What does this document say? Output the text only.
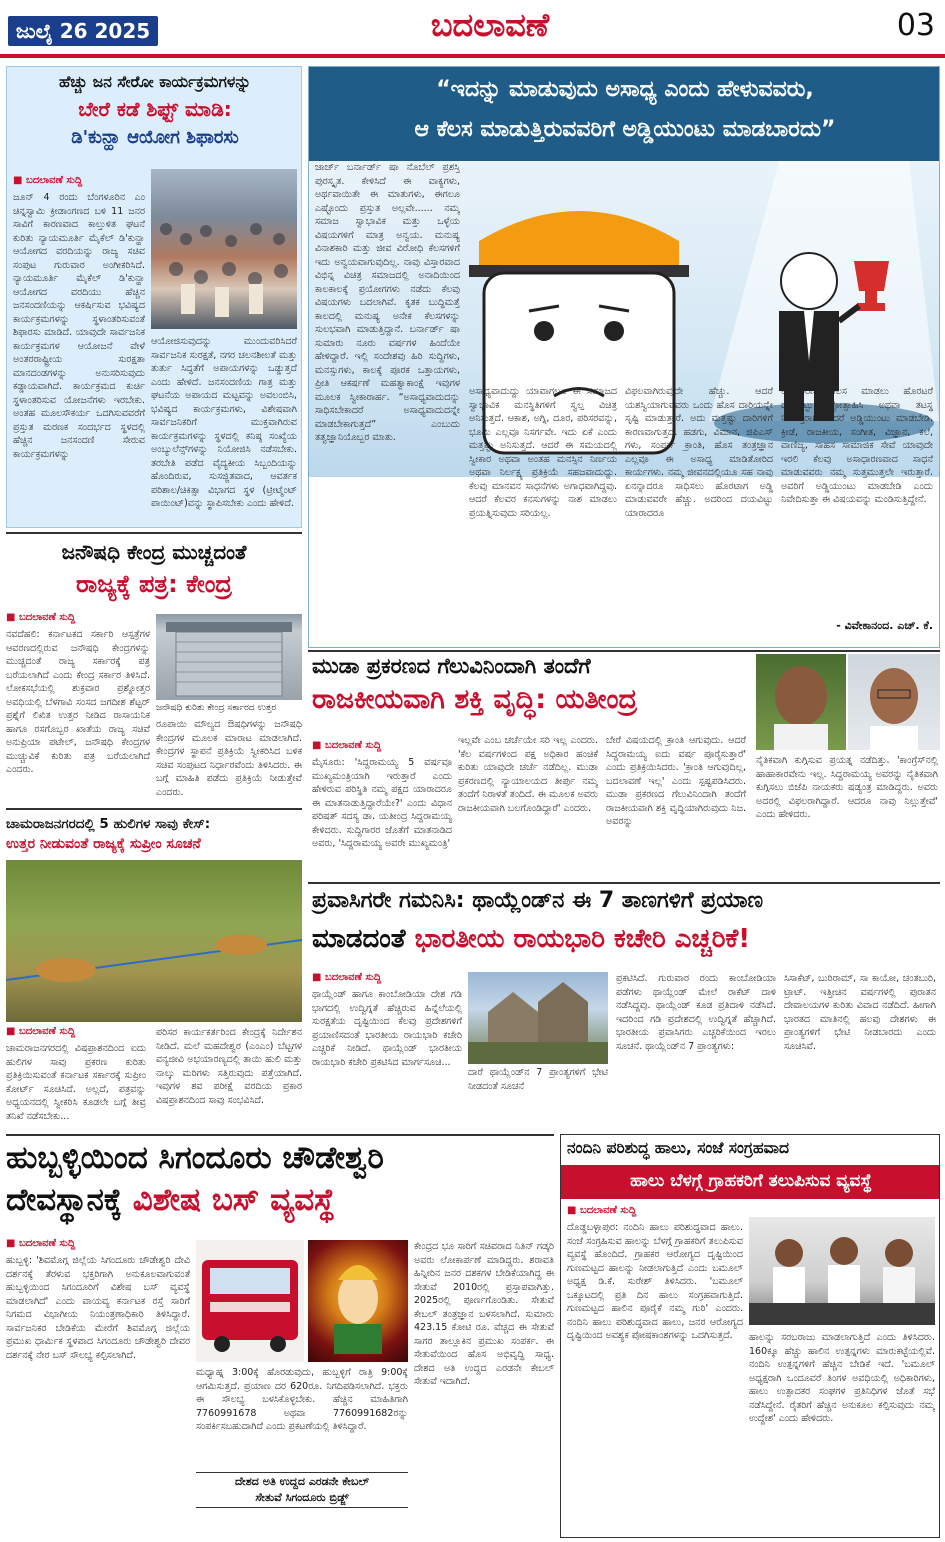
ಜುಲೈ 26 2025	ಬದಲಾವಣೆ	03
ಹೆಚ್ಚು ಜನ ಸೇರೋ ಕಾರ್ಯಕ್ರಮಗಳನ್ನು
ಬೇರೆ ಕಡೆ ಶಿಫ್ಟ್ ಮಾಡಿ:
ಡಿ'ಕುನ್ಹಾ ಆಯೋಗ ಶಿಫಾರಸು
■ ಬದಲಾವಣೆ ಸುದ್ದಿ
ಜೂನ್ 4 ರಂದು ಬೆಂಗಳೂರಿನ ಎಂ ಚಿನ್ನಸ್ವಾಮಿ ಕ್ರೀಡಾಂಗಣದ ಬಳಿ 11 ಜನರ ಸಾವಿಗೆ ಕಾರಣವಾದ ಕಾಲ್ತುಳಿತ ಘಟನೆ ಕುರಿತು ನ್ಯಾಯಮೂರ್ತಿ ಮೈಕೆಲ್ ಡಿ'ಕುನ್ಹಾ ಆಯೋಗದ ವರದಿಯನ್ನು ರಾಜ್ಯ ಸಚಿವ ಸಂಪುಟ ಗುರುವಾರ ಅಂಗೀಕರಿಸಿದೆ. ನ್ಯಾಯಮೂರ್ತಿ ಮೈಕೆಲ್ ಡಿ'ಕುನ್ಹಾ ಆಯೋಗದ ವರದಿಯು ಹೆಚ್ಚಿನ ಜನಸಂದಣಿಯನ್ನು ಆಕರ್ಷಿಸುವ ಭವಿಷ್ಯದ ಕಾರ್ಯಕ್ರಮಗಳನ್ನು ಸ್ಥಳಾಂತರಿಸುವಂತೆ ಶಿಫಾರಸು ಮಾಡಿದೆ. ಯಾವುದೇ ಸಾರ್ವಜನಿಕ ಕಾರ್ಯಕ್ರಮಗಳ ಆಯೋಜನೆ ವೇಳೆ ಅಂತರರಾಷ್ಟ್ರೀಯ ಸುರಕ್ಷತಾ ಮಾನದಂಡಗಳನ್ನು ಅನುಸರಿಸುವುದು ಕಡ್ಡಾಯವಾಗಿದೆ. ಕಾರ್ಯಕ್ರಮದ ಕುರ್ಚಿ ಸ್ಥಳಾಂತರಿಸುವ ಯೋಜನೆಗಳು ಇರಬೇಕು. ಅಂತಹ ಮೂಲಸೌಕರ್ಯ ಒದಗಿಸುವವರೆಗೆ ಪ್ರಸ್ತುತ ಮರಣಕ ಸಂದರ್ಭದ ಸ್ಥಳದಲ್ಲಿ ಹೆಚ್ಚಿನ ಜನಸಂದಣಿ ಸೇರುವ ಕಾರ್ಯಕ್ರಮಗಳನ್ನು
ಆಯೋಜಿಸುವುದನ್ನು ಮುಂದುವರಿಸಿದರೆ ಸಾರ್ವಜನಿಕ ಸುರಕ್ಷತೆ, ನಗರ ಚಲನಶೀಲತೆ ಮತ್ತು ತುರ್ತು ಸಿದ್ಧತೆಗೆ ಅಪಾಯಗಳನ್ನು ಒಡ್ಡುತ್ತದೆ ಎಂದು ಹೇಳಿದೆ. ಜನಸಂದಣಿಯ ಗಾತ್ರ ಮತ್ತು ಘಟನೆಯ ಅಪಾಯದ ಮಟ್ಟವನ್ನು ಅವಲಂಬಿಸಿ, ಭವಿಷ್ಯದ ಕಾರ್ಯಕ್ರಮಗಳು, ವಿಶೇಷವಾಗಿ ಸಾರ್ವಜನಿಕರಿಗೆ ಮುಕ್ತವಾಗಿರುವ ಕಾರ್ಯಕ್ರಮಗಳನ್ನು ಸ್ಥಳದಲ್ಲಿ ಕನಿಷ್ಠ ಸಂಖ್ಯೆಯ ಅಂಬ್ಯುಲೆನ್ಸ್‌ಗಳನ್ನು ನಿಯೋಜಿಸಿ ನಡೆಸಬೇಕು. ತರಬೇತಿ ಪಡೆದ ವೈದ್ಯಕೀಯ ಸಿಬ್ಬಂದಿಯನ್ನು ಹೊಂದಿರುವ, ಸುಸಜ್ಜಿತವಾದ, ಆವರ್ತಕ ಪರಿಶಾಲ/ಚಿಕಿತ್ಸಾ ವಿಭಾಗದ ಸ್ಥಳ (ಟ್ರೀಟ್ಮೆಂಟ್ ಪಾಯಿಂಟ್)ವನ್ನು ಸ್ಥಾಪಿಸಬೇಕು ಎಂದು ಹೇಳಿದೆ.
“ಇದನ್ನು ಮಾಡುವುದು ಅಸಾಧ್ಯ ಎಂದು ಹೇಳುವವರು,
ಆ ಕೆಲಸ ಮಾಡುತ್ತಿರುವವರಿಗೆ ಅಡ್ಡಿಯುಂಟು ಮಾಡಬಾರದು”
ಜಾರ್ಜ್ ಬರ್ನಾರ್ಡ್ ಷಾ ನೊಬೆಲ್ ಪ್ರಶಸ್ತಿ ಪುರಸ್ಕೃತ. ಕೇಳಿಸಿದೆ ಈ ವಾಕ್ಯಗಳು, ಅರ್ಥವಾಯಿತೇ ಈ ಮಾತುಗಳು, ಈಗಲೂ ಎಷ್ಟೊಂದು ಪ್ರಸ್ತುತ ಅಲ್ಲವೇ...... ನಮ್ಮ ಸಮಾಜ ಸ್ವಾಭಾವಿಕ ಮತ್ತು ಒಳ್ಳೆಯ ವಿಷಯಗಳಿಗೆ ಮಾತ್ರ ಅನ್ವಯ. ಮನುಷ್ಯ ವಿನಾಶಕಾರಿ ಮತ್ತು ಜೀವ ವಿರೋಧಿ ಕೆಲಸಗಳಿಗೆ ಇದು ಅನ್ವಯವಾಗುವುದಿಲ್ಲ. ನಾವು ವಿಸ್ತಾರವಾದ ವಿಭಿನ್ನ ವಿಚಿತ್ರ ಸಮಾಜದಲ್ಲಿ ಅನಾದಿಯಿಂದ ಕಾಲಕಾಲಕ್ಕೆ ಪ್ರಯೋಗಗಳು ನಡೆದು ಕೆಲವು ವಿಷಯಗಳು ಬದಲಾಗಿವೆ. ಕೃತಕ ಬುದ್ಧಿಮತ್ತೆ ಕಾಲದಲ್ಲಿ ಮನುಷ್ಯ ಅನೇಕ ಕೆಲಸಗಳನ್ನು ಸುಲಭವಾಗಿ ಮಾಡುತ್ತಿದ್ದಾನೆ. ಬರ್ನಾರ್ಡ್ ಷಾ ಸುಮಾರು ನೂರು ವರ್ಷಗಳ ಹಿಂದೆಯೇ ಹೇಳಿದ್ದಾರೆ. ಇಲ್ಲಿ ಸಂದೇಶವು ಹಿರಿ ಸುದ್ದಿಗಳು, ಮನಸ್ಸುಗಳು, ಕಾಲಕ್ಕೆ ಪೂರಕ ಒತ್ತಾಯಗಳು, ಪ್ರೀತಿ ಆಕರ್ಷಣೆ ಮಹತ್ವಾಕಾಂಕ್ಷೆ ಇವುಗಳ ಮೂಲಕ ಸ್ವೀಕಾರಾರ್ಹ. “ಅಸಾಧ್ಯವಾದುದನ್ನು ಸಾಧಿಸಬೇಕಾದರೆ ಅಸಾಧ್ಯವಾದುದನ್ನೇ ಮಾಡಬೇಕಾಗುತ್ತದೆ” ಎಂಬುದು ತತ್ವಜ್ಞಾನಿಯೊಬ್ಬರ ಮಾತು.
ಅಸಾಧ್ಯವಾದುದ್ದು ಯಾವಾಗಲೂ ಈ ಸಮಾಜದ ಸ್ವಾಭಾವಿಕ ಮನಸ್ಥಿತಿಗಳಿಗೆ ಸ್ವಲ್ಪ ವಿಚಿತ್ರ ಅನಿಸುತ್ತದೆ. ಆಕಾಶ, ಅಗ್ನಿ, ದೂರ, ಪರಿಸರವನ್ನು, ಭೂಮಿ ಎಲ್ಲವೂ ನಿಸರ್ಗವೇ. ಇದು ಏಕೆ ಎಂದು ಮತ್ತಷ್ಟು ಅನಿಸುತ್ತದೆ. ಆದರೆ ಈ ಸಮಯದಲ್ಲಿ ಸ್ವೀಕಾರ ಅಥವಾ ಅಂತಹ ಮನಸ್ಸಿನ ನಿರ್ಣಯ ಅಥವಾ ನಿರ್ಲಕ್ಷ್ಯ ಪ್ರತಿಕ್ರಿಯೆ ಸಹಜವಾದುದ್ದು. ಕೆಲವು ಮಾನವನ ಸಾಧನೆಗಳು ಅಗಾಧವಾಗಿದ್ದವು. ಆದರೆ ಕೆಲವರ ಕನಸುಗಳನ್ನು ನಾಶ ಮಾಡಲು ಪ್ರಯತ್ನಿಸುವುದು ಸರಿಯಲ್ಲ.
ವಿಫಲವಾಗಿರುವುದೇ ಹೆಚ್ಚು. ಆದರೆ ಯಶಸ್ವಿಯಾಗುವವರು ಒಂದು ಹೊಸ ದಾರಿಯನ್ನೇ ಸೃಷ್ಟಿ ಮಾಡುತ್ತಾರೆ. ಅದು ಮತ್ತಷ್ಟು ದಾರಿಗಳಿಗೆ ಕಾರಣವಾಗುತ್ತದೆ. ಹಡಗು, ವಿಮಾನ, ಜಿಪಿಎಸ್ ಗಳು, ಸಂಪರ್ಕ ಕ್ರಾಂತಿ, ಹೊಸ ತಂತ್ರಜ್ಞಾನ ಎಲ್ಲವೂ ಈ ಅಸಾಧ್ಯ ಮಾಡಿತೋರಿದ ಕಾರ್ಯಗಳು. ನಮ್ಮ ಜೀವನದಲ್ಲಿಯೂ ಸಹ ನಾವು ಏನನ್ನಾದರೂ ಸಾಧಿಸಲು ಹೊರಟಾಗ ಅಡ್ಡಿ ಮಾಡುವವರೇ ಹೆಚ್ಚು. ಅದರಿಂದ ದಯವಿಟ್ಟು ಯಾರಾದರೂ
ಅಸಾಧಾರಣ ಕೆಲಸ ಮಾಡಲು ಹೊರಟರೆ ದಯವಿಟ್ಟು ಪ್ರೋತ್ಸಾಹಿಸಿ ಅಥವಾ ತಟಸ್ಥ ನಿರ್ಲಿಪ್ತರಾಗಿ. ಆದರೆ ಅಡ್ಡಿಯುಂಟು ಮಾಡಬೇಡಿ. ಕ್ರೀಡೆ, ರಾಜಕೀಯ, ಸಂಗೀತ, ವಿಜ್ಞಾನ, ಕಲೆ, ವಾಣಿಜ್ಯ, ಸಾಹಸ ಸಾಮಾಜಿಕ ಸೇವೆ ಯಾವುದೇ ಇರಲಿ ಕೆಲವು ಅಸಾಧಾರಣವಾದ ಸಾಧನೆ ಮಾಡುವವರು ನಮ್ಮ ಸುತ್ತಮುತ್ತಲೇ ಇರುತ್ತಾರೆ. ಅವರಿಗೆ ಅಡ್ಡಿಯುಂಟು ಮಾಡಬೇಡಿ ಎಂದು ನಿವೇದಿಸುತ್ತಾ ಈ ವಿಷಯವನ್ನು ಮಂಡಿಸುತ್ತಿದ್ದೇನೆ.
- ವಿವೇಕಾನಂದ. ಎಚ್. ಕೆ.
ಜನೌಷಧಿ ಕೇಂದ್ರ ಮುಚ್ಚದಂತೆ
ರಾಜ್ಯಕ್ಕೆ ಪತ್ರ: ಕೇಂದ್ರ
■ ಬದಲಾವಣೆ ಸುದ್ದಿ
ನವದೆಹಲಿ: ಕರ್ನಾಟಕದ ಸರ್ಕಾರಿ ಆಸ್ಪತ್ರೆಗಳ ಆವರಣದಲ್ಲಿರುವ ಜನೌಷಧಿ ಕೇಂದ್ರಗಳನ್ನು ಮುಚ್ಚದಂತೆ ರಾಜ್ಯ ಸರ್ಕಾರಕ್ಕೆ ಪತ್ರ ಬರೆಯಲಾಗಿದೆ ಎಂದು ಕೇಂದ್ರ ಸರ್ಕಾರ ತಿಳಿಸಿದೆ. ಲೋಕಸಭೆಯಲ್ಲಿ ಶುಕ್ರವಾರ ಪ್ರಶ್ನೋತ್ತರ ಅವಧಿಯಲ್ಲಿ ಬೆಳಗಾವಿ ಸಂಸದ ಜಗದೀಶ ಶೆಟ್ಟರ್ ಪ್ರಶ್ನೆಗೆ ಲಿಖಿತ ಉತ್ತರ ನೀಡಿದ ರಾಸಾಯನಿಕ ಹಾಗೂ ರಸಗೊಬ್ಬರ ಖಾತೆಯ ರಾಜ್ಯ ಸಚಿವೆ ಅನುಪ್ರಿಯಾ ಪಟೇಲ್, ಜನೌಷಧಿ ಕೇಂದ್ರಗಳ ಮುಚ್ಚುವಿಕೆ ಕುರಿತು ಪತ್ರ ಬರೆಯಲಾಗಿದೆ ಎಂದರು.
ಜನೌಷಧಿ ಕುರಿತು ಕೇಂದ್ರ ಸರ್ಕಾರದ ಉತ್ತರ
ರೂಪಾಯಿ ಮೌಲ್ಯದ ಔಷಧಿಗಳನ್ನು ಜನೌಷಧಿ ಕೇಂದ್ರಗಳ ಮೂಲಕ ಮಾರಾಟ ಮಾಡಲಾಗಿದೆ. ಕೇಂದ್ರಗಳ ಸ್ಥಾಪನೆ ಪ್ರತಿಕ್ರಿಯೆ ಸ್ವೀಕರಿಸಿದ ಬಳಿಕ ಸಚಿವ ಸಂಪುಟದ ನಿರ್ಧಾರವೆಂದು ತಿಳಿಸಿದರು. ಈ ಬಗ್ಗೆ ಮಾಹಿತಿ ಪಡೆದು ಪ್ರತಿಕ್ರಿಯೆ ನೀಡುತ್ತೇವೆ ಎಂದರು.
ಮುಡಾ ಪ್ರಕರಣದ ಗೆಲುವಿನಿಂದಾಗಿ ತಂದೆಗೆ
ರಾಜಕೀಯವಾಗಿ ಶಕ್ತಿ ವೃದ್ಧಿ: ಯತೀಂದ್ರ
■ ಬದಲಾವಣೆ ಸುದ್ದಿ
ಮೈಸೂರು: 'ಸಿದ್ದರಾಮಯ್ಯ 5 ವರ್ಷವೂ ಮುಖ್ಯಮಂತ್ರಿಯಾಗಿ ಇರುತ್ತಾರೆ ಎಂದು ಹೇಳಿರುವ ಪರಿಸ್ಥಿತಿ ನಮ್ಮ ಪಕ್ಷದ ಯಾರಾದರೂ ಈ ಮಾತನಾಡುತ್ತಿದ್ದಾರೆಯೇ?' ಎಂದು ವಿಧಾನ ಪರಿಷತ್ ಸದಸ್ಯ ಡಾ. ಯತೀಂದ್ರ ಸಿದ್ದರಾಮಯ್ಯ ಕೇಳಿದರು. ಸುದ್ದಿಗಾರರ ಜೊತೆಗೆ ಮಾತನಾಡಿದ ಅವರು, 'ಸಿದ್ದರಾಮಯ್ಯ ಅವರೇ ಮುಖ್ಯಮಂತ್ರಿ'
ಇಲ್ಲವೇ ಎಂಬ ಚರ್ಚೆಯೇ ಸರಿ ಇಲ್ಲ ಎಂದರು. 'ಕೆಲ ವರ್ಷಗಳಿಂದ ಪಕ್ಷ ಅಧಿಕಾರ ಹಂಚಿಕೆ ಕುರಿತು ಯಾವುದೇ ಚರ್ಚೆ ನಡೆದಿಲ್ಲ. ಮುಡಾ ಪ್ರಕರಣದಲ್ಲಿ ನ್ಯಾಯಾಲಯದ ತೀರ್ಪು ನಮ್ಮ ತಂದೆಗೆ ನಿರಾಳತೆ ತಂದಿದೆ. ಈ ಮೂಲಕ ಅವರು ರಾಜಕೀಯವಾಗಿ ಬಲಗೊಂಡಿದ್ದಾರೆ' ಎಂದರು.
ಬೇರೆ ವಿಷಯದಲ್ಲಿ ಕ್ರಾಂತಿ ಆಗುವುದು. ಆದರೆ ಸಿದ್ದರಾಮಯ್ಯ ಐದು ವರ್ಷ ಪೂರೈಸುತ್ತಾರೆ' ಎಂದು ಪ್ರತಿಕ್ರಿಯಿಸಿದರು. 'ಕ್ರಾಂತಿ ಆಗುವುದಿಲ್ಲ, ಬದಲಾವಣೆ ಇಲ್ಲ' ಎಂದು ಸ್ಪಷ್ಟಪಡಿಸಿದರು. ಮುಡಾ ಪ್ರಕರಣದ ಗೆಲುವಿನಿಂದಾಗಿ ತಂದೆಗೆ ರಾಜಕೀಯವಾಗಿ ಶಕ್ತಿ ವೃದ್ಧಿಯಾಗಿರುವುದು ನಿಜ. ಅವರನ್ನು
ನೈತಿಕವಾಗಿ ಕುಗ್ಗಿಸುವ ಪ್ರಯತ್ನ ನಡೆದಿತ್ತು. 'ಕಾಂಗ್ರೆಸ್‌ನಲ್ಲಿ ಹಾಹಾಕಾರವೇನು ಇಲ್ಲ. ಸಿದ್ದರಾಮಯ್ಯ ಅವರನ್ನು ನೈತಿಕವಾಗಿ ಕುಗ್ಗಿಸಲು ಬಿಜೆಪಿ ನಾಯಕರು ಷಡ್ಯಂತ್ರ ಮಾಡಿದ್ದರು. ಅವರು ಅದರಲ್ಲಿ ವಿಫಲರಾಗಿದ್ದಾರೆ. ಆದರೂ ನಾವು ನಿಲ್ಲುತ್ತೇವೆ' ಎಂದು ಹೇಳಿದರು.
ಚಾಮರಾಜನಗರದಲ್ಲಿ 5 ಹುಲಿಗಳ ಸಾವು ಕೇಸ್:
ಉತ್ತರ ನೀಡುವಂತೆ ರಾಜ್ಯಕ್ಕೆ ಸುಪ್ರೀಂ ಸೂಚನೆ
■ ಬದಲಾವಣೆ ಸುದ್ದಿ
ಚಾಮರಾಜನಗರದಲ್ಲಿ ವಿಷಪ್ರಾಶನದಿಂದ ಐದು ಹುಲಿಗಳ ಸಾವು ಪ್ರಕರಣ ಕುರಿತು ಪ್ರತಿಕ್ರಿಯಿಸುವಂತೆ ಕರ್ನಾಟಕ ಸರ್ಕಾರಕ್ಕೆ ಸುಪ್ರೀಂ ಕೋರ್ಟ್ ಸೂಚಿಸಿದೆ. ಅಲ್ಲದೆ, ಪತ್ರವನ್ನು ಅಧ್ಯಯನದಲ್ಲಿ ಸ್ವೀಕರಿಸಿ ಕೂಡಲೇ ಬಗ್ಗೆ ತೀವ್ರ ತನಿಖೆ ನಡೆಸಬೇಕು...
ಪರಿಸರ ಕಾರ್ಯಕರ್ತರಿಂದ ಕೇಂದ್ರಕ್ಕೆ ನಿರ್ದೇಶನ ನೀಡಿದೆ. ಮಲೆ ಮಹದೇಶ್ವರ (ಎಂಎಂ) ಬೆಟ್ಟಗಳ ವನ್ಯಜೀವಿ ಅಭಯಾರಣ್ಯದಲ್ಲಿ ತಾಯಿ ಹುಲಿ ಮತ್ತು ನಾಲ್ಕು ಮರಿಗಳು ಸತ್ತಿರುವುದು ಪತ್ತೆಯಾಗಿದೆ. ಇವುಗಳ ಶವ ಪರೀಕ್ಷೆ ವರದಿಯ ಪ್ರಕಾರ ವಿಷಪ್ರಾಶನದಿಂದ ಸಾವು ಸಂಭವಿಸಿದೆ.
ಪ್ರವಾಸಿಗರೇ ಗಮನಿಸಿ: ಥಾಯ್ಲೆಂಡ್‌ನ ಈ 7 ತಾಣಗಳಿಗೆ ಪ್ರಯಾಣ
ಮಾಡದಂತೆ ಭಾರತೀಯ ರಾಯಭಾರಿ ಕಚೇರಿ ಎಚ್ಚರಿಕೆ!
■ ಬದಲಾವಣೆ ಸುದ್ದಿ
ದಾರೆ ಥಾಯ್ಲೆಂಡ್‌ನ 7 ಪ್ರಾಂತ್ಯಗಳಿಗೆ ಭೇಟಿ ನೀಡದಂತೆ ಸೂಚನೆ
ಥಾಯ್ಲೆಂಡ್ ಹಾಗೂ ಕಾಂಬೋಡಿಯಾ ದೇಶ ಗಡಿ ಭಾಗದಲ್ಲಿ ಉದ್ವಿಗ್ನತೆ ಹೆಚ್ಚಿರುವ ಹಿನ್ನೆಲೆಯಲ್ಲಿ ಸುರಕ್ಷತೆಯ ದೃಷ್ಟಿಯಿಂದ ಕೆಲವು ಪ್ರದೇಶಗಳಿಗೆ ಪ್ರಯಾಣಿಸದಂತೆ ಭಾರತೀಯ ರಾಯಭಾರಿ ಕಚೇರಿ ಎಚ್ಚರಿಕೆ ನೀಡಿದೆ. ಥಾಯ್ಲೆಂಡ್ ಭಾರತೀಯ ರಾಯಭಾರಿ ಕಚೇರಿ ಪ್ರಕಟಿಸಿದ ಮಾರ್ಗಸೂಚಿ...
ಪ್ರಕಟಿಸಿದೆ. ಗುರುವಾರ ರಂದು ಕಾಂಬೋಡಿಯಾ ಪಡೆಗಳು ಥಾಯ್ಲೆಂಡ್ ಮೇಲೆ ರಾಕೆಟ್ ದಾಳಿ ನಡೆಸಿದ್ದವು. ಥಾಯ್ಲೆಂಡ್ ಕೂಡ ಪ್ರತಿದಾಳಿ ನಡೆಸಿದೆ. ಇದರಿಂದ ಗಡಿ ಪ್ರದೇಶದಲ್ಲಿ ಉದ್ವಿಗ್ನತೆ ಹೆಚ್ಚಾಗಿದೆ. ಭಾರತೀಯ ಪ್ರವಾಸಿಗರು ಎಚ್ಚರಿಕೆಯಿಂದ ಇರಲು ಸೂಚನೆ. ಥಾಯ್ಲೆಂಡ್‌ನ 7 ಪ್ರಾಂತ್ಯಗಳು:
ಸಿಸಾಕೆಟ್, ಬುರಿರಾಮ್, ಸಾ ಕಾಯೋ, ಚಂತಬುರಿ, ಟ್ರಾಟ್. ಇತ್ತೀಚಿನ ವರ್ಷಗಳಲ್ಲಿ ಪುರಾತನ ದೇವಾಲಯಗಳ ಕುರಿತು ವಿವಾದ ನಡೆದಿದೆ. ಹೀಗಾಗಿ ಭಾರತದ ಮಾತಿನಲ್ಲಿ ಹಲವು ದೇಶಗಳು ಈ ಪ್ರಾಂತ್ಯಗಳಿಗೆ ಭೇಟಿ ನೀಡಬಾರದು ಎಂದು ಸೂಚಿಸಿವೆ.
ಹುಬ್ಬಳ್ಳಿಯಿಂದ ಸಿಗಂದೂರು ಚೌಡೇಶ್ವರಿ
ದೇವಸ್ಥಾನಕ್ಕೆ ವಿಶೇಷ ಬಸ್ ವ್ಯವಸ್ಥೆ
■ ಬದಲಾವಣೆ ಸುದ್ದಿ
ಹುಬ್ಬಳ್ಳಿ: 'ಶಿವಮೊಗ್ಗ ಜಿಲ್ಲೆಯ ಸಿಗಂದೂರು ಚೌಡೇಶ್ವರಿ ದೇವಿ ದರ್ಶನಕ್ಕೆ ತೆರಳುವ ಭಕ್ತರಿಗಾಗಿ ಅನುಕೂಲವಾಗುವಂತೆ ಹುಬ್ಬಳ್ಳಿಯಿಂದ ಸಿಗಂದೂರಿಗೆ ವಿಶೇಷ ಬಸ್ ವ್ಯವಸ್ಥೆ ಮಾಡಲಾಗಿದೆ' ಎಂದು ವಾಯವ್ಯ ಕರ್ನಾಟಕ ರಸ್ತೆ ಸಾರಿಗೆ ನಿಗಮದ ವಿಭಾಗೀಯ ನಿಯಂತ್ರಣಾಧಿಕಾರಿ ತಿಳಿಸಿದ್ದಾರೆ. ಸಾರ್ವಜನಿಕರ ಬೇಡಿಕೆಯ ಮೇರೆಗೆ ಶಿವಮೊಗ್ಗ ಜಿಲ್ಲೆಯ ಪ್ರಮುಖ ಧಾರ್ಮಿಕ ಸ್ಥಳವಾದ ಸಿಗಂದೂರು ಚೌಡೇಶ್ವರಿ ದೇವರ ದರ್ಶನಕ್ಕೆ ನೇರ ಬಸ್ ಸೌಲಭ್ಯ ಕಲ್ಪಿಸಲಾಗಿದೆ.
ಮಧ್ಯಾಹ್ನ 3:00ಕ್ಕೆ ಹೊರಡುವುದು, ಹುಬ್ಬಳ್ಳಿಗೆ ರಾತ್ರಿ 9:00ಕ್ಕೆ ಆಗಮಿಸುತ್ತದೆ. ಪ್ರಯಾಣ ದರ 620ರೂ. ನಿಗದಿಪಡಿಸಲಾಗಿದೆ. ಭಕ್ತರು ಈ ಸೌಲಭ್ಯ ಬಳಸಿಕೊಳ್ಳಬೇಕು. ಹೆಚ್ಚಿನ ಮಾಹಿತಿಗಾಗಿ 7760991678 ಅಥವಾ 7760991682ರನ್ನು ಸಂಪರ್ಕಿಸಬಹುದಾಗಿದೆ ಎಂದು ಪ್ರಕಟಣೆಯಲ್ಲಿ ತಿಳಿಸಿದ್ದಾರೆ.
ದೇಶದ ಅತಿ ಉದ್ದದ ಎರಡನೇ ಕೇಬಲ್
ಸೇತುವೆ ಸಿಗಂದೂರು ಬ್ರಿಡ್ಜ್
ಕೇಂದ್ರದ ಭೂ ಸಾರಿಗೆ ಸಚಿವರಾದ ನಿತಿನ್ ಗಡ್ಕರಿ ಅವರು ಲೋಕಾರ್ಪಣೆ ಮಾಡಿದ್ದರು. ಶರಾವತಿ ಹಿನ್ನೀರಿನ ಜನರ ದಶಕಗಳ ಬೇಡಿಕೆಯಾಗಿದ್ದ ಈ ಸೇತುವೆ 2010ರಲ್ಲಿ ಪ್ರಸ್ತಾಪವಾಗಿತ್ತು. 2025ರಲ್ಲಿ ಪೂರ್ಣಗೊಂಡಿತು. ಸೇತುವೆ ಕೇಬಲ್ ತಂತ್ರಜ್ಞಾನ ಬಳಸಲಾಗಿದೆ. ಸುಮಾರು 423.15 ಕೋಟಿ ರೂ. ವೆಚ್ಚದ ಈ ಸೇತುವೆ ಸಾಗರ ತಾಲ್ಲೂಕಿನ ಪ್ರಮುಖ ಸಂಪರ್ಕ. ಈ ಸೇತುವೆಯಿಂದ ಹೊಸ ಅಭಿವೃದ್ಧಿ ಸಾಧ್ಯ. ದೇಶದ ಅತಿ ಉದ್ದದ ಎರಡನೇ ಕೇಬಲ್ ಸೇತುವೆ ಇದಾಗಿದೆ.
ನಂದಿನಿ ಪರಿಶುದ್ಧ ಹಾಲು, ಸಂಜೆ ಸಂಗ್ರಹವಾದ
ಹಾಲು ಬೆಳಗ್ಗೆ ಗ್ರಾಹಕರಿಗೆ ತಲುಪಿಸುವ ವ್ಯವಸ್ಥೆ
■ ಬದಲಾವಣೆ ಸುದ್ದಿ
ದೊಡ್ಡಬಳ್ಳಾಪುರ: ನಂದಿನಿ ಹಾಲು ಪರಿಶುದ್ಧವಾದ ಹಾಲು. ಸಂಜೆ ಸಂಗ್ರಹಿಸುವ ಹಾಲನ್ನು ಬೆಳಗ್ಗೆ ಗ್ರಾಹಕರಿಗೆ ತಲುಪಿಸುವ ವ್ಯವಸ್ಥೆ ಹೊಂದಿದೆ. ಗ್ರಾಹಕರ ಆರೋಗ್ಯದ ದೃಷ್ಟಿಯಿಂದ ಗುಣಮಟ್ಟದ ಹಾಲನ್ನು ನೀಡಲಾಗುತ್ತಿದೆ ಎಂದು ಬಮೂಲ್ ಅಧ್ಯಕ್ಷ ಡಿ.ಕೆ. ಸುರೇಶ್ ತಿಳಿಸಿದರು. 'ಬಮೂಲ್ ಒಕ್ಕೂಟದಲ್ಲಿ ಪ್ರತಿ ದಿನ ಹಾಲು ಸಂಗ್ರಹವಾಗುತ್ತಿದೆ. ಗುಣಮಟ್ಟದ ಹಾಲಿನ ಪೂರೈಕೆ ನಮ್ಮ ಗುರಿ' ಎಂದರು. ನಂದಿನಿ ಹಾಲು ಪರಿಶುದ್ಧವಾದ ಹಾಲು, ಜನರ ಆರೋಗ್ಯದ ದೃಷ್ಟಿಯಿಂದ ಅವಶ್ಯಕ ಪೋಷಕಾಂಶಗಳನ್ನು ಒದಗಿಸುತ್ತದೆ.	ಹಾಲನ್ನು ಸರಬರಾಜು ಮಾಡಲಾಗುತ್ತಿದೆ ಎಂದು ತಿಳಿಸಿದರು. 160ಕ್ಕೂ ಹೆಚ್ಚು ಹಾಲಿನ ಉತ್ಪನ್ನಗಳು ಮಾರುಕಟ್ಟೆಯಲ್ಲಿವೆ. ನಂದಿನಿ ಉತ್ಪನ್ನಗಳಿಗೆ ಹೆಚ್ಚಿನ ಬೇಡಿಕೆ ಇದೆ. 'ಬಮೂಲ್ ಅಧ್ಯಕ್ಷರಾಗಿ ಒಂದೂವರೆ ತಿಂಗಳ ಅವಧಿಯಲ್ಲಿ ಅಧಿಕಾರಿಗಳು, ಹಾಲು ಉತ್ಪಾದಕರ ಸಂಘಗಳ ಪ್ರತಿನಿಧಿಗಳ ಜೊತೆ ಸಭೆ ನಡೆಸಿದ್ದೇನೆ. ರೈತರಿಗೆ ಹೆಚ್ಚಿನ ಅನುಕೂಲ ಕಲ್ಪಿಸುವುದು ನಮ್ಮ ಉದ್ದೇಶ' ಎಂದು ಹೇಳಿದರು.
